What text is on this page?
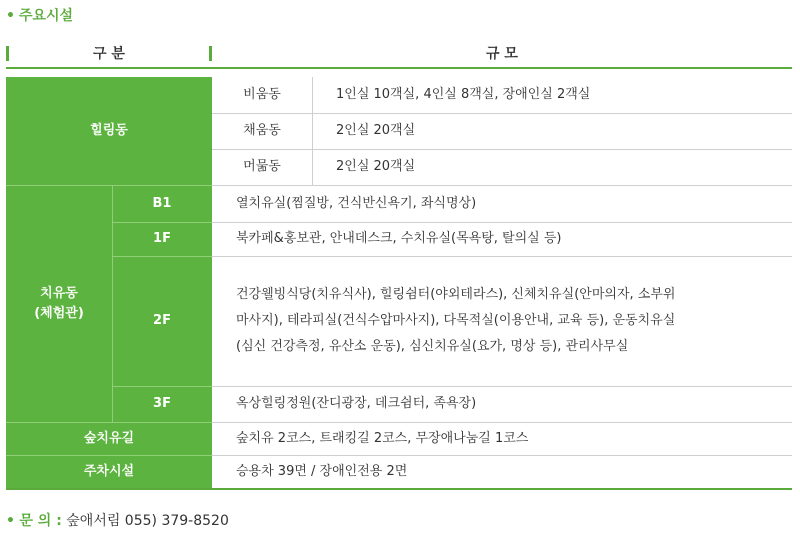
• 주요시설
구 분	규 모
힐링동
비움동	1인실 10객실, 4인실 8객실, 장애인실 2객실
채움동	2인실 20객실
머묾동	2인실 20객실
치유동
(체험관)
B1	열치유실(찜질방, 건식반신욕기, 좌식명상)
1F	북카페&홍보관, 안내데스크, 수치유실(목욕탕, 탈의실 등)
2F
건강웰빙식당(치유식사), 힐링쉼터(야외테라스), 신체치유실(안마의자, 소부위
마사지), 테라피실(건식수압마사지), 다목적실(이용안내, 교육 등), 운동치유실
(심신 건강측정, 유산소 운동), 심신치유실(요가, 명상 등), 관리사무실
3F	옥상힐링정원(잔디광장, 데크쉼터, 족욕장)
숲치유길	숲치유 2코스, 트래킹길 2코스, 무장애나눔길 1코스
주차시설	승용차 39면 / 장애인전용 2면
• 문 의 : 숲애서림 055) 379-8520
